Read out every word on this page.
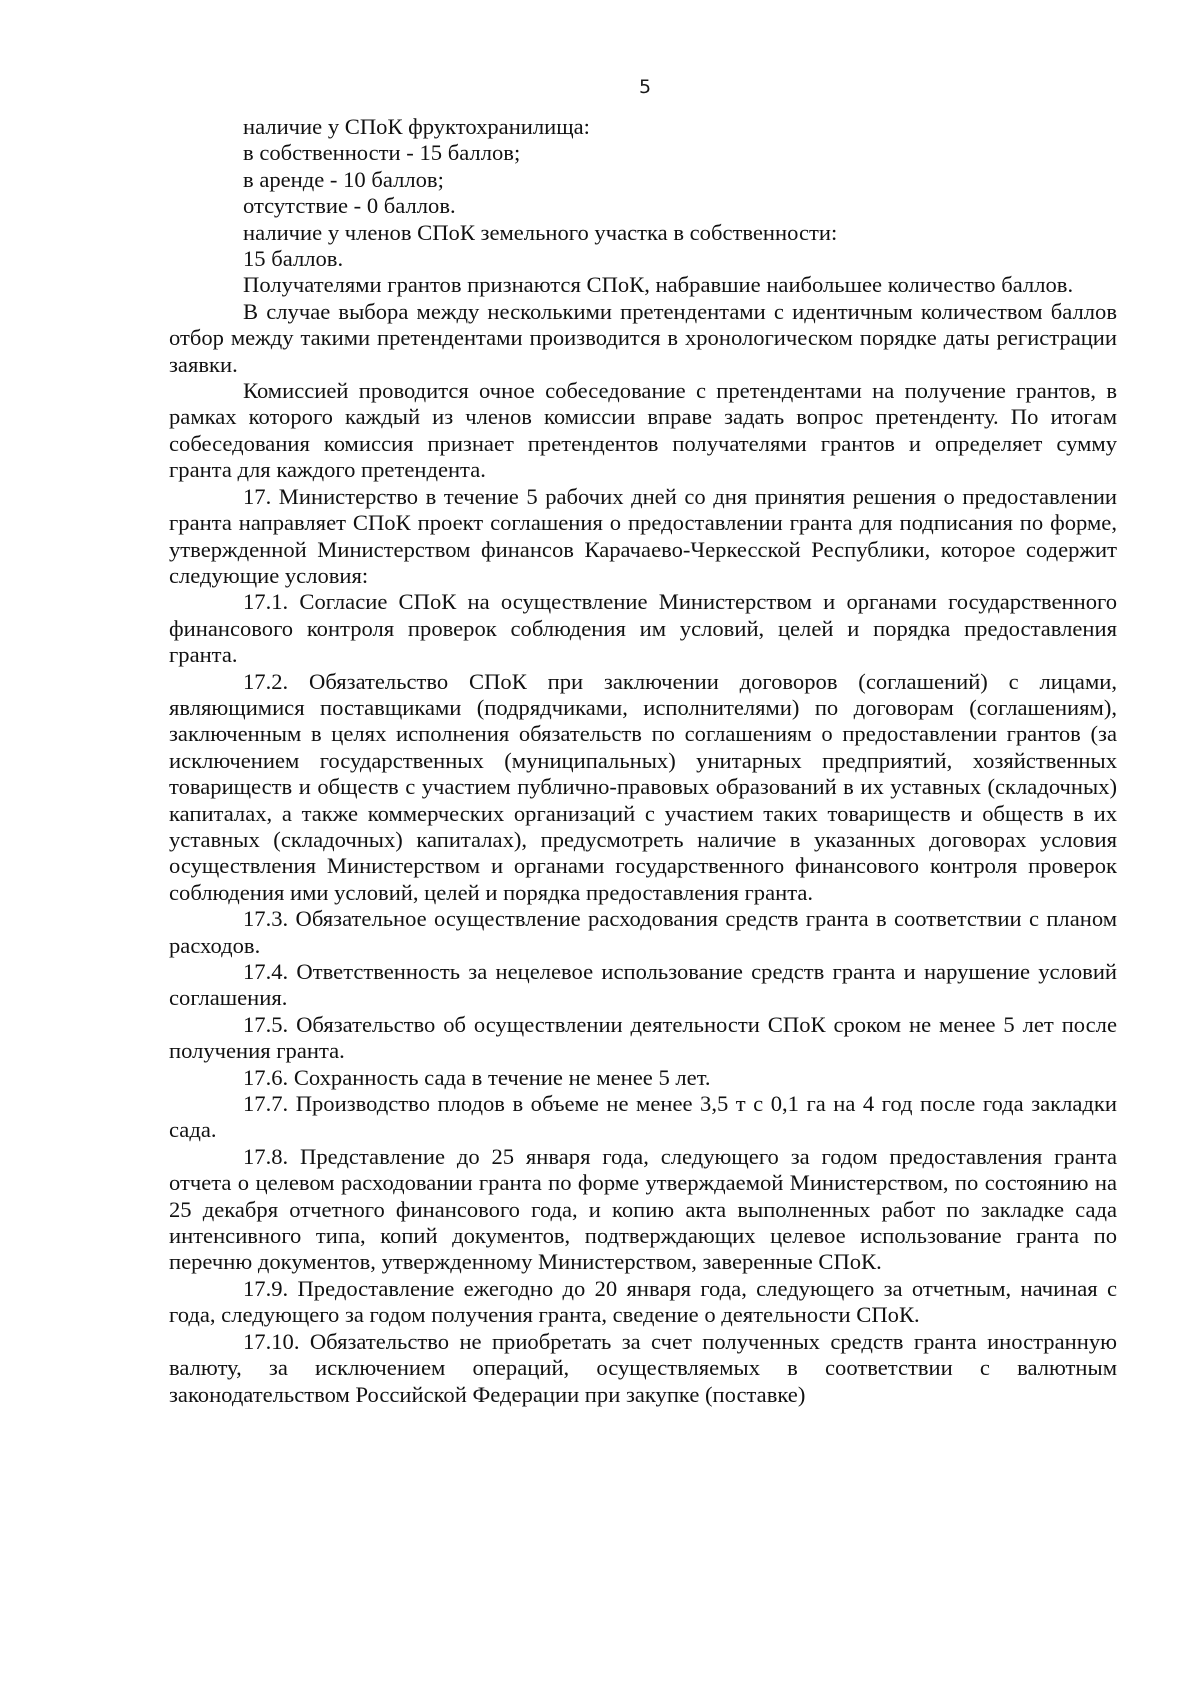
5

наличие у СПоК фруктохранилища:

в собственности - 15 баллов;

в аренде - 10 баллов;

отсутствие - 0 баллов.

наличие у членов СПоК земельного участка в собственности:

15 баллов.

Получателями грантов признаются СПоК, набравшие наибольшее количество баллов.

В случае выбора между несколькими претендентами с идентичным количеством баллов отбор между такими претендентами производится в хронологическом порядке даты регистрации заявки.

Комиссией проводится очное собеседование с претендентами на получение грантов, в рамках которого каждый из членов комиссии вправе задать вопрос претенденту. По итогам собеседования комиссия признает претендентов получателями грантов и определяет сумму гранта для каждого претендента.

17. Министерство в течение 5 рабочих дней со дня принятия решения о предоставлении гранта направляет СПоК проект соглашения о предоставлении гранта для подписания по форме, утвержденной Министерством финансов Карачаево-Черкесской Республики, которое содержит следующие условия:

17.1. Согласие СПоК на осуществление Министерством и органами государственного финансового контроля проверок соблюдения им условий, целей и порядка предоставления гранта.

17.2. Обязательство СПоК при заключении договоров (соглашений) с лицами, являющимися поставщиками (подрядчиками, исполнителями) по договорам (соглашениям), заключенным в целях исполнения обязательств по соглашениям о предоставлении грантов (за исключением государственных (муниципальных) унитарных предприятий, хозяйственных товариществ и обществ с участием публично-правовых образований в их уставных (складочных) капиталах, а также коммерческих организаций с участием таких товариществ и обществ в их уставных (складочных) капиталах), предусмотреть наличие в указанных договорах условия осуществления Министерством и органами государственного финансового контроля проверок соблюдения ими условий, целей и порядка предоставления гранта.

17.3. Обязательное осуществление расходования средств гранта в соответствии с планом расходов.

17.4. Ответственность за нецелевое использование средств гранта и нарушение условий соглашения.

17.5. Обязательство об осуществлении деятельности СПоК сроком не менее 5 лет после получения гранта.

17.6. Сохранность сада в течение не менее 5 лет.

17.7. Производство плодов в объеме не менее 3,5 т с 0,1 га на 4 год после года закладки сада.

17.8. Представление до 25 января года, следующего за годом предоставления гранта отчета о целевом расходовании гранта по форме утверждаемой Министерством, по состоянию на 25 декабря отчетного финансового года, и копию акта выполненных работ по закладке сада интенсивного типа, копий документов, подтверждающих целевое использование гранта по перечню документов, утвержденному Министерством, заверенные СПоК.

17.9. Предоставление ежегодно до 20 января года, следующего за отчетным, начиная с года, следующего за годом получения гранта, сведение о деятельности СПоК.

17.10. Обязательство не приобретать за счет полученных средств гранта иностранную валюту, за исключением операций, осуществляемых в соответствии с валютным законодательством Российской Федерации при закупке (поставке)
